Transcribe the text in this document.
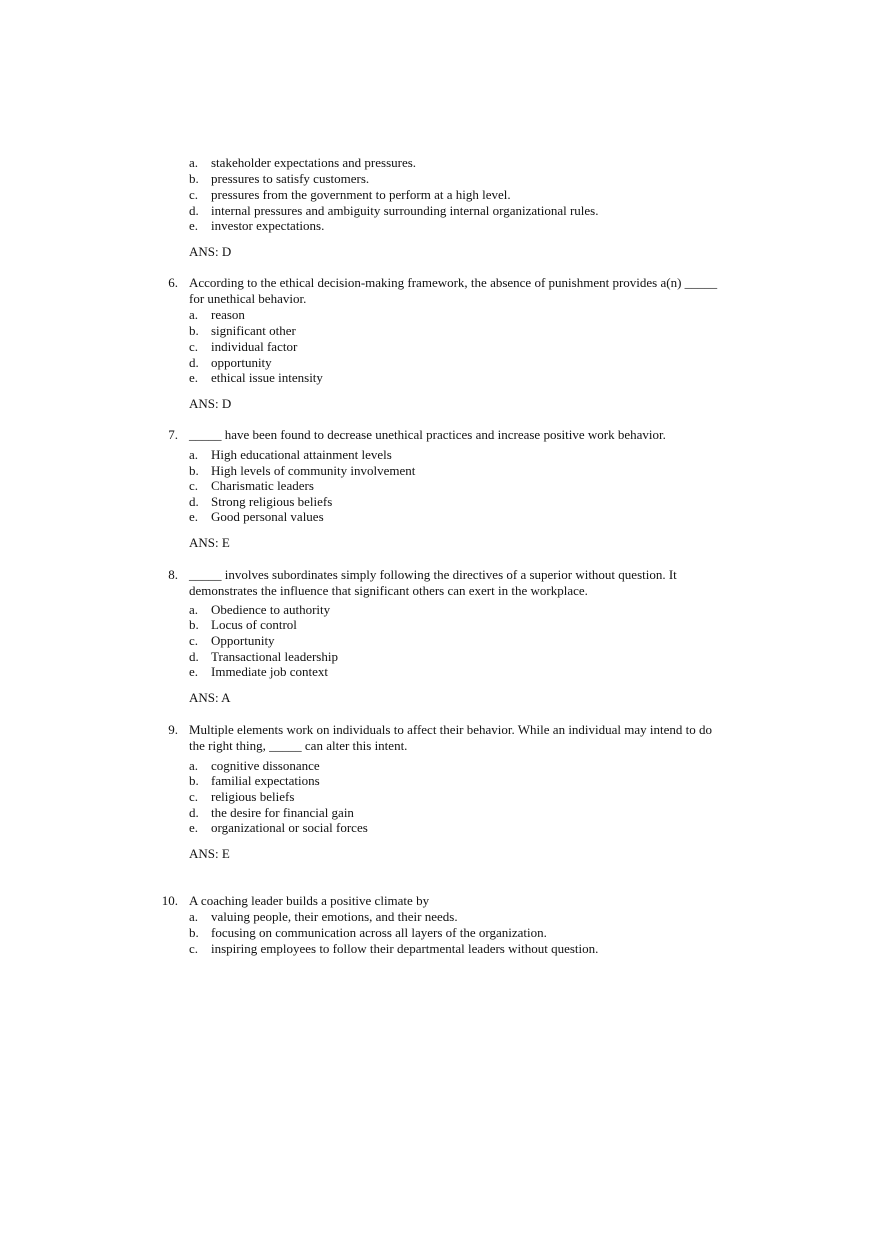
a. stakeholder expectations and pressures.
b. pressures to satisfy customers.
c. pressures from the government to perform at a high level.
d. internal pressures and ambiguity surrounding internal organizational rules.
e. investor expectations.
ANS: D
6. According to the ethical decision-making framework, the absence of punishment provides a(n) _____
for unethical behavior.
a. reason
b. significant other
c. individual factor
d. opportunity
e. ethical issue intensity
ANS: D
7. _____ have been found to decrease unethical practices and increase positive work behavior.
a. High educational attainment levels
b. High levels of community involvement
c. Charismatic leaders
d. Strong religious beliefs
e. Good personal values
ANS: E
8. _____ involves subordinates simply following the directives of a superior without question. It
demonstrates the influence that significant others can exert in the workplace.
a. Obedience to authority
b. Locus of control
c. Opportunity
d. Transactional leadership
e. Immediate job context
ANS: A
9. Multiple elements work on individuals to affect their behavior. While an individual may intend to do
the right thing, _____ can alter this intent.
a. cognitive dissonance
b. familial expectations
c. religious beliefs
d. the desire for financial gain
e. organizational or social forces
ANS: E
10. A coaching leader builds a positive climate by
a. valuing people, their emotions, and their needs.
b. focusing on communication across all layers of the organization.
c. inspiring employees to follow their departmental leaders without question.
